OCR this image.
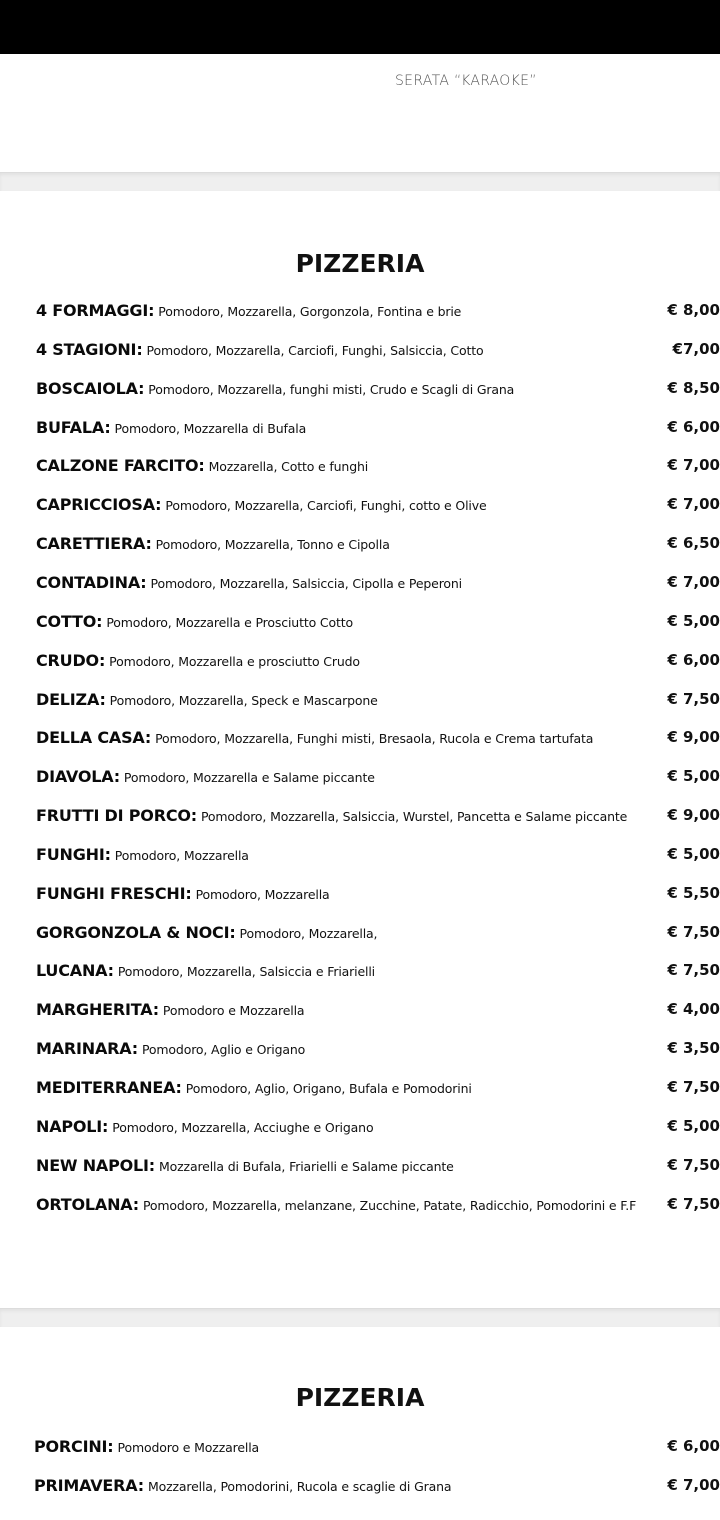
SERATA “KARAOKE”
PIZZERIA
4 FORMAGGI: Pomodoro, Mozzarella, Gorgonzola, Fontina e brie	€ 8,00
4 STAGIONI: Pomodoro, Mozzarella, Carciofi, Funghi, Salsiccia, Cotto	€7,00
BOSCAIOLA: Pomodoro, Mozzarella, funghi misti, Crudo e Scagli di Grana	€ 8,50
BUFALA: Pomodoro, Mozzarella di Bufala	€ 6,00
CALZONE FARCITO: Mozzarella, Cotto e funghi	€ 7,00
CAPRICCIOSA: Pomodoro, Mozzarella, Carciofi, Funghi, cotto e Olive	€ 7,00
CARETTIERA: Pomodoro, Mozzarella, Tonno e Cipolla	€ 6,50
CONTADINA: Pomodoro, Mozzarella, Salsiccia, Cipolla e Peperoni	€ 7,00
COTTO: Pomodoro, Mozzarella e Prosciutto Cotto	€ 5,00
CRUDO: Pomodoro, Mozzarella e prosciutto Crudo	€ 6,00
DELIZA: Pomodoro, Mozzarella, Speck e Mascarpone	€ 7,50
DELLA CASA: Pomodoro, Mozzarella, Funghi misti, Bresaola, Rucola e Crema tartufata	€ 9,00
DIAVOLA: Pomodoro, Mozzarella e Salame piccante	€ 5,00
FRUTTI DI PORCO: Pomodoro, Mozzarella, Salsiccia, Wurstel, Pancetta e Salame piccante	€ 9,00
FUNGHI: Pomodoro, Mozzarella	€ 5,00
FUNGHI FRESCHI: Pomodoro, Mozzarella	€ 5,50
GORGONZOLA & NOCI: Pomodoro, Mozzarella,	€ 7,50
LUCANA: Pomodoro, Mozzarella, Salsiccia e Friarielli	€ 7,50
MARGHERITA: Pomodoro e Mozzarella	€ 4,00
MARINARA: Pomodoro, Aglio e Origano	€ 3,50
MEDITERRANEA: Pomodoro, Aglio, Origano, Bufala e Pomodorini	€ 7,50
NAPOLI: Pomodoro, Mozzarella, Acciughe e Origano	€ 5,00
NEW NAPOLI: Mozzarella di Bufala, Friarielli e Salame piccante	€ 7,50
ORTOLANA: Pomodoro, Mozzarella, melanzane, Zucchine, Patate, Radicchio, Pomodorini e F.F € 7,50
PIZZERIA
PORCINI: Pomodoro e Mozzarella	€ 6,00
PRIMAVERA: Mozzarella, Pomodorini, Rucola e scaglie di Grana	€ 7,00
